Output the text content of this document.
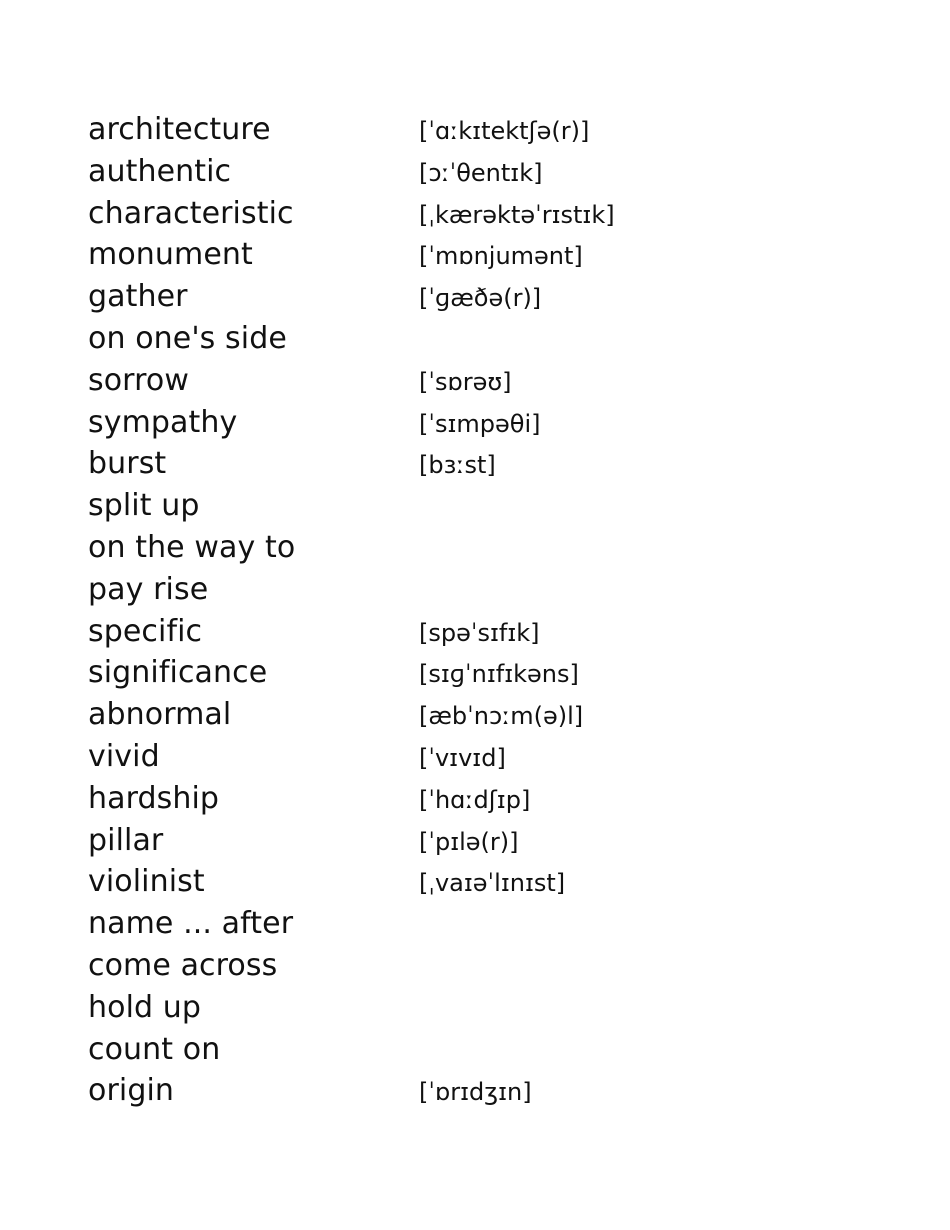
architecture	[ˈɑːkɪtektʃə(r)]
authentic	[ɔːˈθentɪk]
characteristic	[ˌkærəktəˈrɪstɪk]
monument	[ˈmɒnjumənt]
gather	[ˈɡæðə(r)]
on one's side
sorrow	[ˈsɒrəʊ]
sympathy	[ˈsɪmpəθi]
burst	[bɜːst]
split up
on the way to
pay rise
specific	[spəˈsɪfɪk]
significance	[sɪɡˈnɪfɪkəns]
abnormal	[æbˈnɔːm(ə)l]
vivid	[ˈvɪvɪd]
hardship	[ˈhɑːdʃɪp]
pillar	[ˈpɪlə(r)]
violinist	[ˌvaɪəˈlɪnɪst]
name ... after
come across
hold up
count on
origin	[ˈɒrɪdʒɪn]
